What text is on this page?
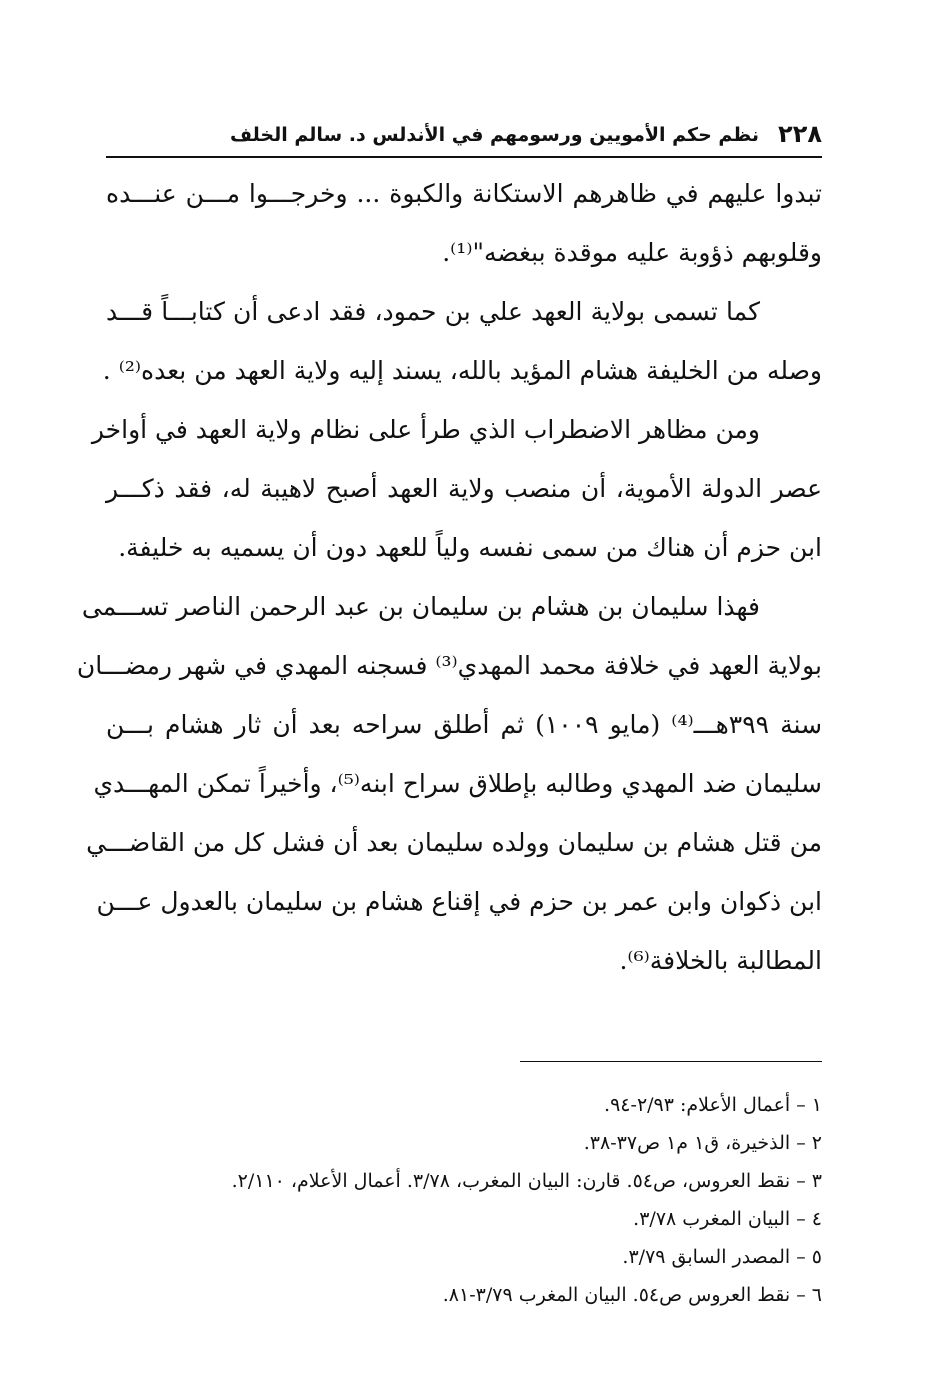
٢٢٨
نظم حكم الأمويين ورسومهم في الأندلس د. سالم الخلف
تبدوا عليهم في ظاهرهم الاستكانة والكبوة ... وخرجـــوا مـــن عنـــده
وقلوبهم ذؤوبة عليه موقدة ببغضه"⁽¹⁾.
كما تسمى بولاية العهد علي بن حمود، فقد ادعى أن كتابـــاً قـــد
وصله من الخليفة هشام المؤيد بالله، يسند إليه ولاية العهد من بعده⁽²⁾ .
ومن مظاهر الاضطراب الذي طرأ على نظام ولاية العهد في أواخر
عصر الدولة الأموية، أن منصب ولاية العهد أصبح لاهيبة له، فقد ذكـــر
ابن حزم أن هناك من سمى نفسه ولياً للعهد دون أن يسميه به خليفة.
فهذا سليمان بن هشام بن سليمان بن عبد الرحمن الناصر تســـمى
بولاية العهد في خلافة محمد المهدي⁽³⁾ فسجنه المهدي في شهر رمضـــان
سنة ٣٩٩هـــ⁽⁴⁾ (مايو ١٠٠٩) ثم أطلق سراحه بعد أن ثار هشام بـــن
سليمان ضد المهدي وطالبه بإطلاق سراح ابنه⁽⁵⁾، وأخيراً تمكن المهـــدي
من قتل هشام بن سليمان وولده سليمان بعد أن فشل كل من القاضـــي
ابن ذكوان وابن عمر بن حزم في إقناع هشام بن سليمان بالعدول عـــن
المطالبة بالخلافة⁽⁶⁾.
١ – أعمال الأعلام: ٢/٩٣-٩٤.
٢ – الذخيرة، ق١ م١ ص٣٧-٣٨.
٣ – نقط العروس، ص٥٤. قارن: البيان المغرب، ٣/٧٨. أعمال الأعلام، ٢/١١٠.
٤ – البيان المغرب ٣/٧٨.
٥ – المصدر السابق ٣/٧٩.
٦ – نقط العروس ص٥٤. البيان المغرب ٣/٧٩-٨١.
